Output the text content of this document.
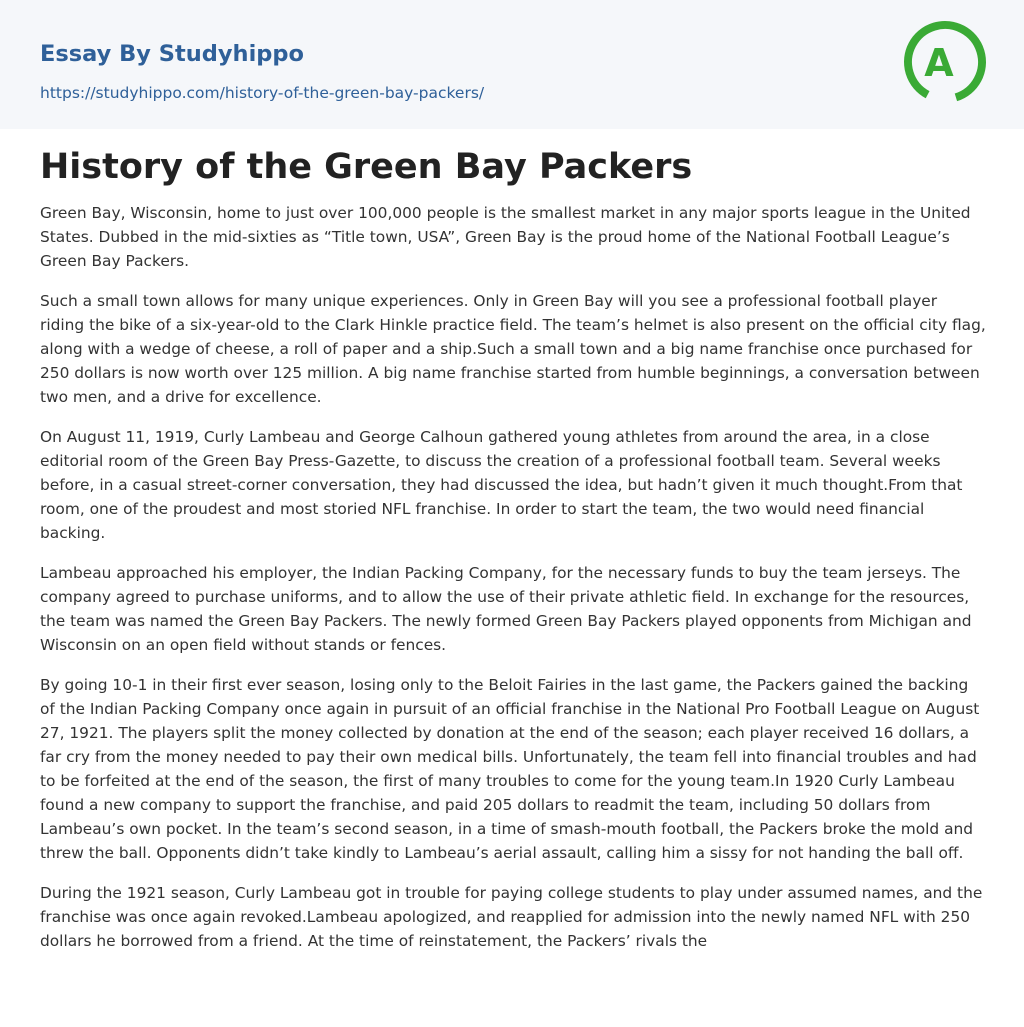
Essay By Studyhippo
https://studyhippo.com/history-of-the-green-bay-packers/
A
History of the Green Bay Packers

Green Bay, Wisconsin, home to just over 100,000 people is the smallest market in any major sports league in the United States. Dubbed in the mid-sixties as “Title town, USA”, Green Bay is the proud home of the National Football League’s Green Bay Packers.

Such a small town allows for many unique experiences. Only in Green Bay will you see a professional football player riding the bike of a six-year-old to the Clark Hinkle practice field. The team’s helmet is also present on the official city flag, along with a wedge of cheese, a roll of paper and a ship.Such a small town and a big name franchise once purchased for 250 dollars is now worth over 125 million. A big name franchise started from humble beginnings, a conversation between two men, and a drive for excellence.

On August 11, 1919, Curly Lambeau and George Calhoun gathered young athletes from around the area, in a close editorial room of the Green Bay Press-Gazette, to discuss the creation of a professional football team. Several weeks before, in a casual street-corner conversation, they had discussed the idea, but hadn’t given it much thought.From that room, one of the proudest and most storied NFL franchise. In order to start the team, the two would need financial backing.

Lambeau approached his employer, the Indian Packing Company, for the necessary funds to buy the team jerseys. The company agreed to purchase uniforms, and to allow the use of their private athletic field. In exchange for the resources, the team was named the Green Bay Packers. The newly formed Green Bay Packers played opponents from Michigan and Wisconsin on an open field without stands or fences.

By going 10-1 in their first ever season, losing only to the Beloit Fairies in the last game, the Packers gained the backing of the Indian Packing Company once again in pursuit of an official franchise in the National Pro Football League on August 27, 1921. The players split the money collected by donation at the end of the season; each player received 16 dollars, a far cry from the money needed to pay their own medical bills. Unfortunately, the team fell into financial troubles and had to be forfeited at the end of the season, the first of many troubles to come for the young team.In 1920 Curly Lambeau found a new company to support the franchise, and paid 205 dollars to readmit the team, including 50 dollars from Lambeau’s own pocket. In the team’s second season, in a time of smash-mouth football, the Packers broke the mold and threw the ball. Opponents didn’t take kindly to Lambeau’s aerial assault, calling him a sissy for not handing the ball off.

During the 1921 season, Curly Lambeau got in trouble for paying college students to play under assumed names, and the franchise was once again revoked.Lambeau apologized, and reapplied for admission into the newly named NFL with 250 dollars he borrowed from a friend. At the time of reinstatement, the Packers’ rivals the
